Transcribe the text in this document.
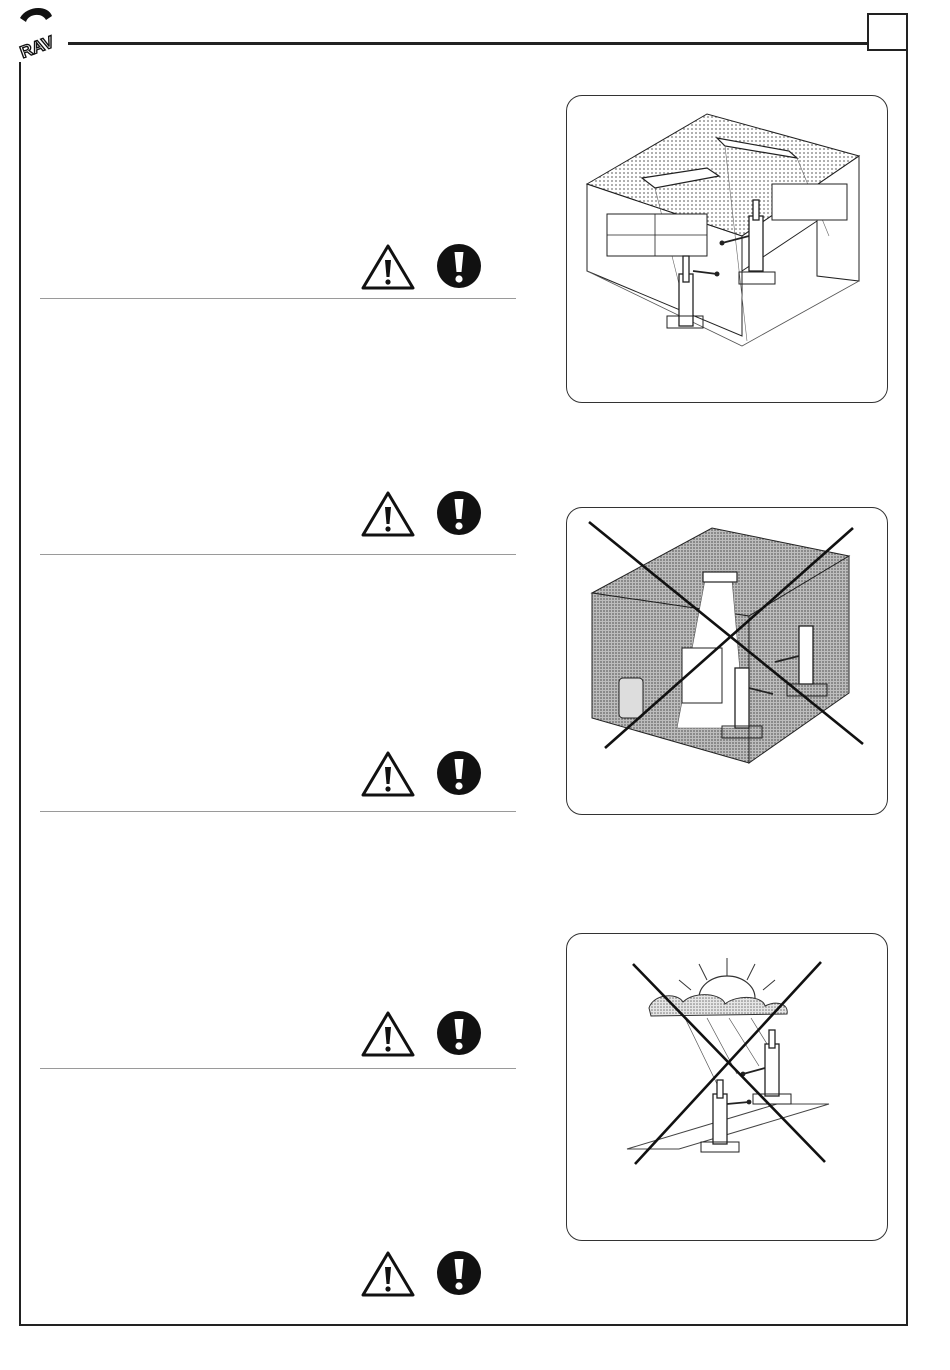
RAV
